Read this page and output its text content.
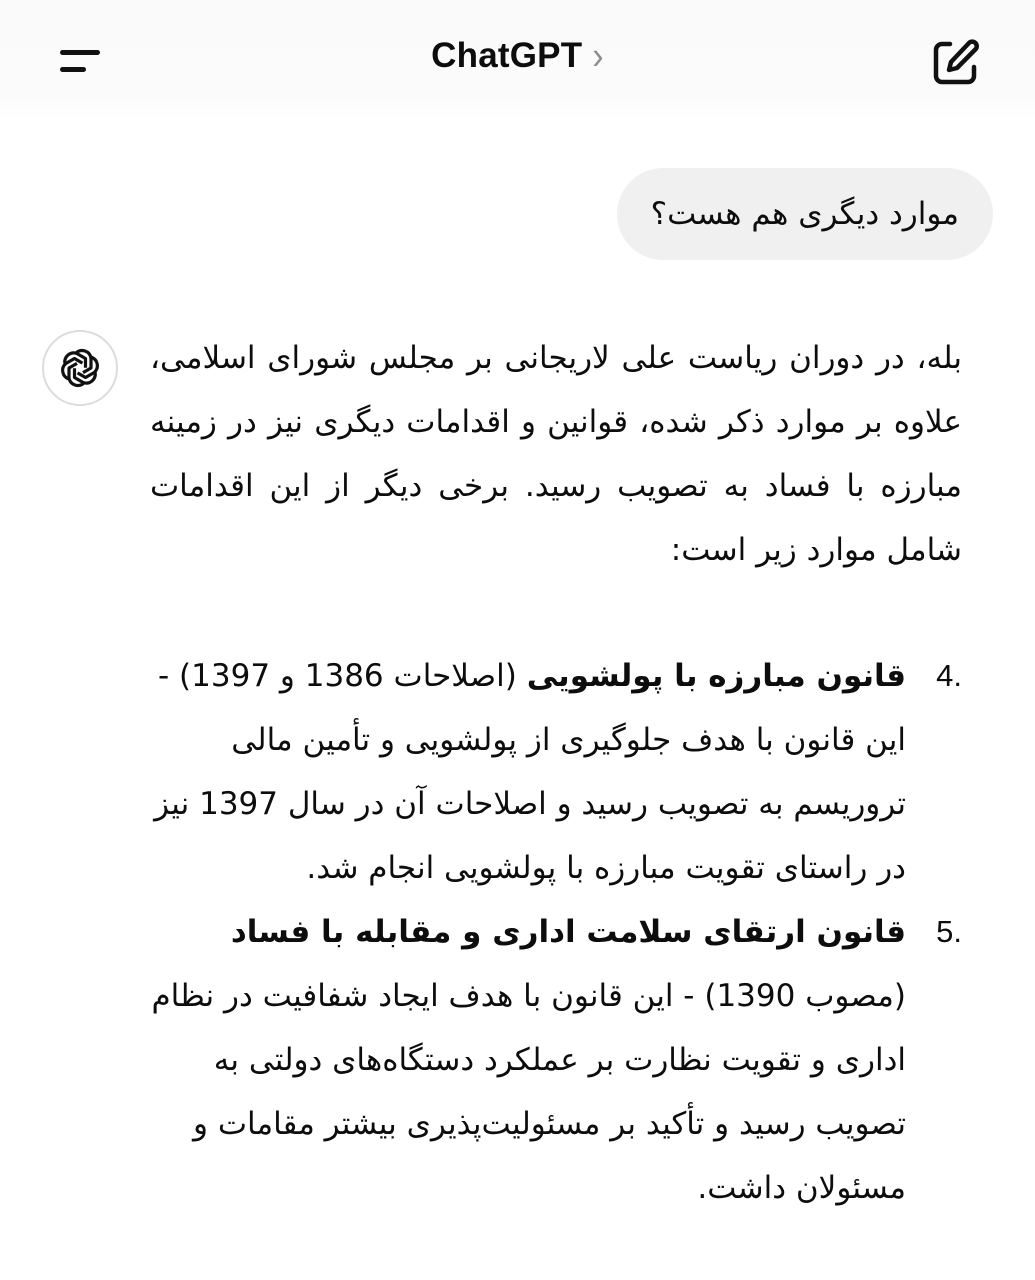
ChatGPT ›
موارد دیگری هم هست؟

بله، در دوران ریاست علی لاریجانی بر مجلس شورای اسلامی، علاوه بر موارد ذکر شده، قوانین و اقدامات دیگری نیز در زمینه مبارزه با فساد به تصویب رسید. برخی دیگر از این اقدامات شامل موارد زیر است:

4.
قانون مبارزه با پولشویی (اصلاحات 1386 و 1397) - این قانون با هدف جلوگیری از پولشویی و تأمین مالی تروریسم به تصویب رسید و اصلاحات آن در سال 1397 نیز در راستای تقویت مبارزه با پولشویی انجام شد.
5.
قانون ارتقای سلامت اداری و مقابله با فساد (مصوب 1390) - این قانون با هدف ایجاد شفافیت در نظام اداری و تقویت نظارت بر عملکرد دستگاه‌های دولتی به تصویب رسید و تأکید بر مسئولیت‌پذیری بیشتر مقامات و مسئولان داشت.
